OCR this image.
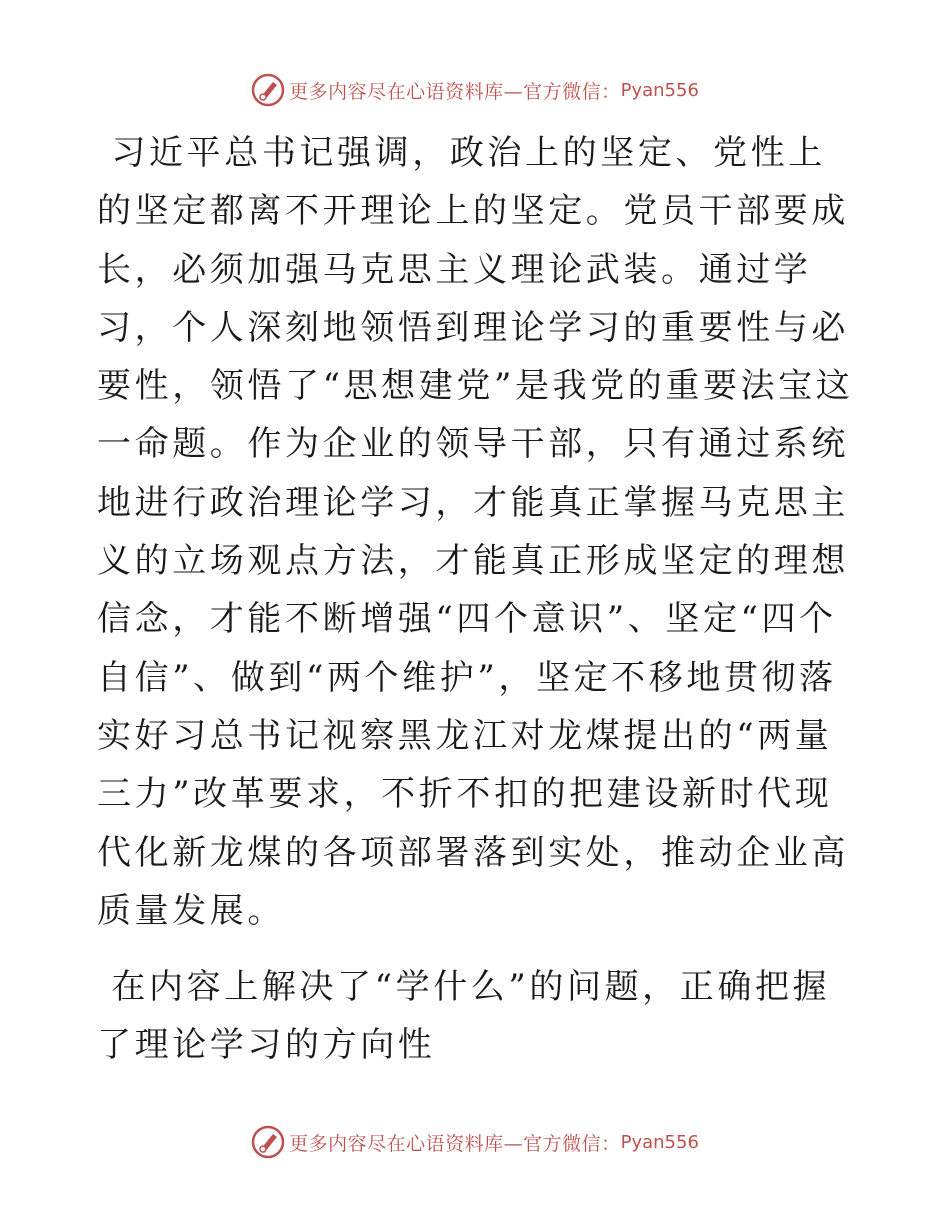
更多内容尽在心语资料库—官方微信： Pyan556

习近平总书记强调，政治上的坚定、党性上的坚定都离不开理论上的坚定。党员干部要成长，必须加强马克思主义理论武装。通过学习，个人深刻地领悟到理论学习的重要性与必要性，领悟了“思想建党”是我党的重要法宝这一命题。作为企业的领导干部，只有通过系统地进行政治理论学习，才能真正掌握马克思主义的立场观点方法，才能真正形成坚定的理想信念，才能不断增强“四个意识”、坚定“四个自信”、做到“两个维护”，坚定不移地贯彻落实好习总书记视察黑龙江对龙煤提出的“两量三力”改革要求，不折不扣的把建设新时代现代化新龙煤的各项部署落到实处，推动企业高质量发展。

在内容上解决了“学什么”的问题，正确把握了理论学习的方向性

更多内容尽在心语资料库—官方微信： Pyan556
